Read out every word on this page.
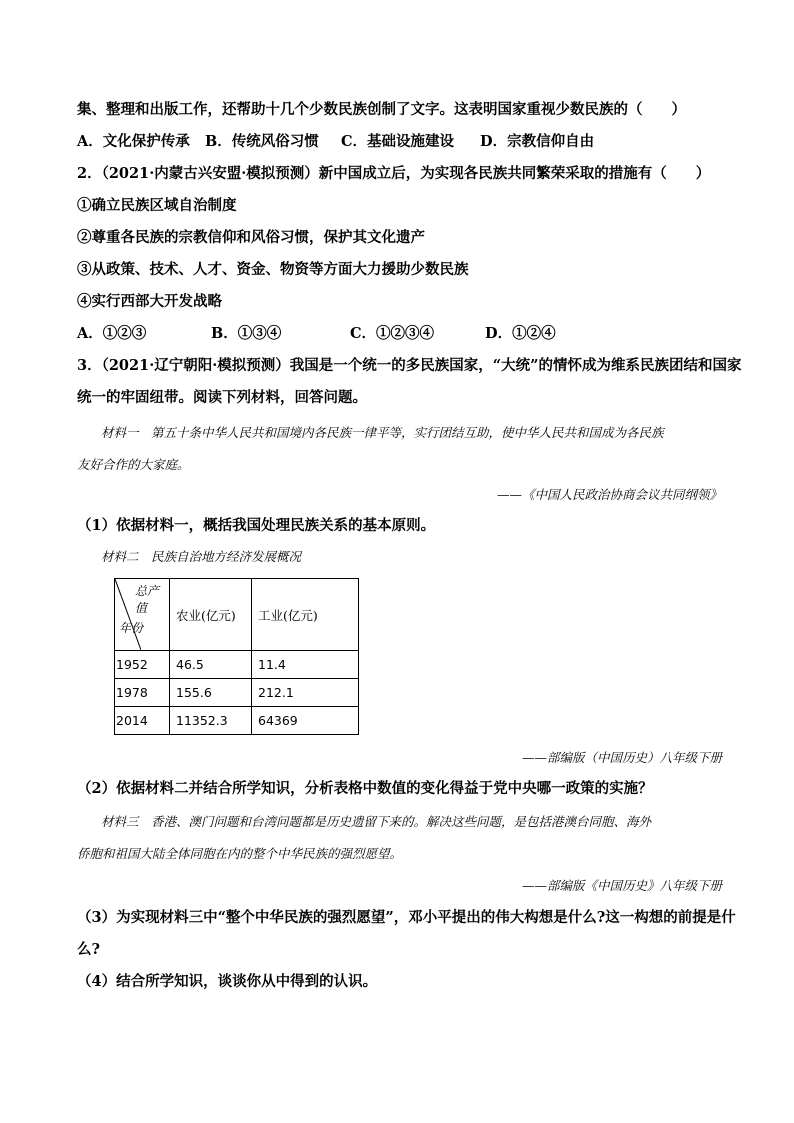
集、整理和出版工作，还帮助十几个少数民族创制了文字。这表明国家重视少数民族的（　　）
A．文化保护传承 B．传统风俗习惯 C．基础设施建设 D．宗教信仰自由
2．（2021·内蒙古兴安盟·模拟预测）新中国成立后，为实现各民族共同繁荣采取的措施有（　　）
①确立民族区域自治制度
②尊重各民族的宗教信仰和风俗习惯，保护其文化遗产
③从政策、技术、人才、资金、物资等方面大力援助少数民族
④实行西部大开发战略
A．①②③	B．①③④	C．①②③④	D．①②④
3．（2021·辽宁朝阳·模拟预测）我国是一个统一的多民族国家，“大统”的情怀成为维系民族团结和国家
统一的牢固纽带。阅读下列材料，回答问题。
材料一　第五十条中华人民共和国境内各民族一律平等，实行团结互助，使中华人民共和国成为各民族
友好合作的大家庭。
——《中国人民政治协商会议共同纲领》
（1）依据材料一，概括我国处理民族关系的基本原则。
材料二　民族自治地方经济发展概况
总产值
年份	农业(亿元)	工业(亿元)
1952	46.5	11.4
1978	155.6	212.1
2014	11352.3	64369
——部编版（中国历史）八年级下册
（2）依据材料二并结合所学知识，分析表格中数值的变化得益于党中央哪一政策的实施？
材料三　香港、澳门问题和台湾问题都是历史遗留下来的。解决这些问题，是包括港澳台同胞、海外
侨胞和祖国大陆全体同胞在内的整个中华民族的强烈愿望。
——部编版《中国历史》八年级下册
（3）为实现材料三中“整个中华民族的强烈愿望”，邓小平提出的伟大构想是什么?这一构想的前提是什
么?
（4）结合所学知识，谈谈你从中得到的认识。
